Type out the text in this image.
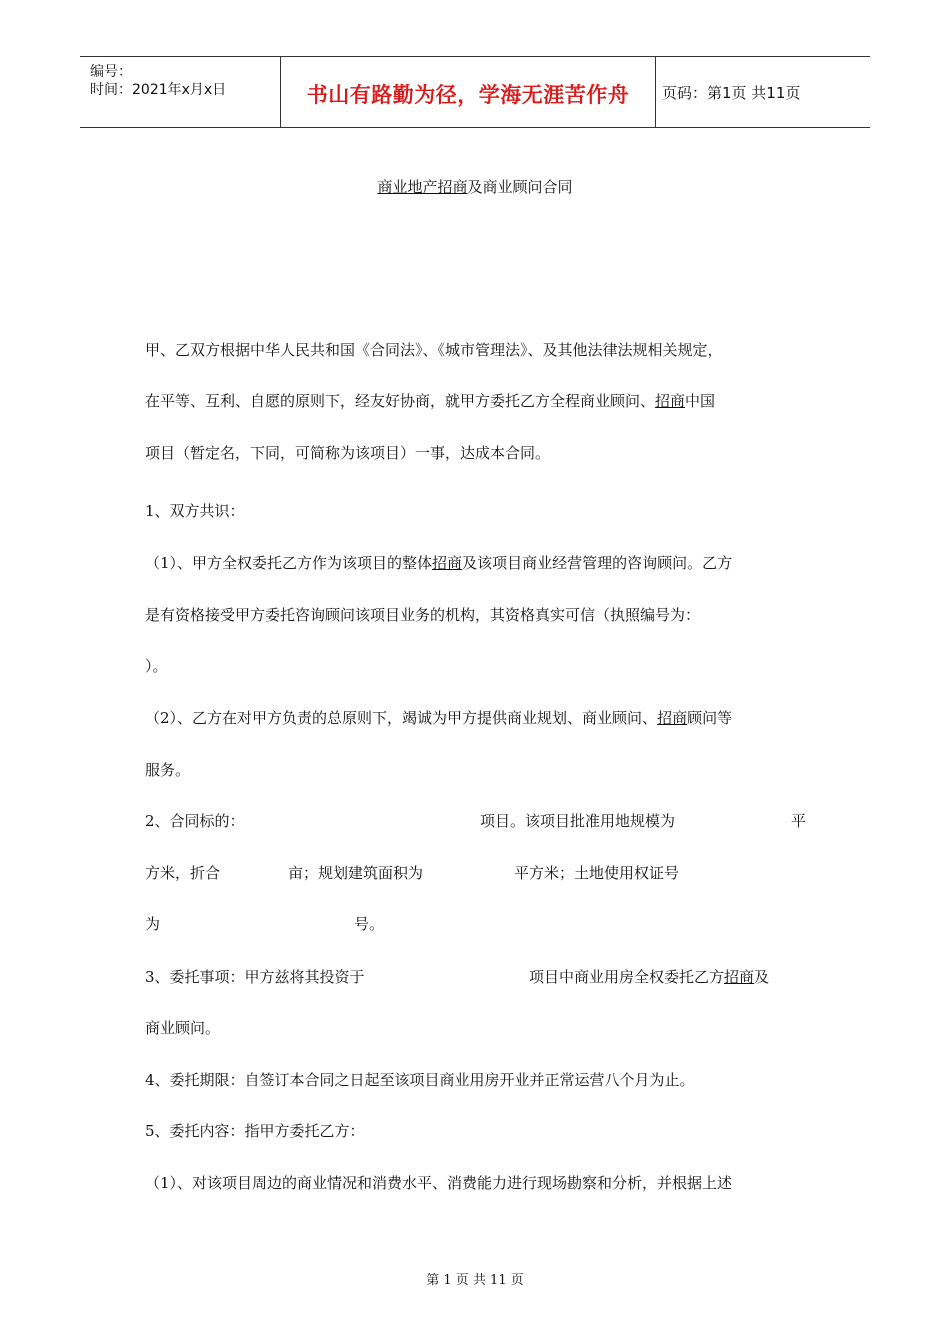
编号：
时间：2021年x月x日	书山有路勤为径，学海无涯苦作舟	页码：第1页 共11页
商业地产招商及商业顾问合同
甲、乙双方根据中华人民共和国《合同法》、《城市管理法》、及其他法律法规相关规定，
在平等、互利、自愿的原则下，经友好协商，就甲方委托乙方全程商业顾问、招商中国
项目（暂定名，下同，可简称为该项目）一事，达成本合同。
1、双方共识：
（1）、甲方全权委托乙方作为该项目的整体招商及该项目商业经营管理的咨询顾问。乙方
是有资格接受甲方委托咨询顾问该项目业务的机构，其资格真实可信（执照编号为：
）。
（2）、乙方在对甲方负责的总原则下，竭诚为甲方提供商业规划、商业顾问、招商顾问等
服务。
2、合同标的：	项目。该项目批准用地规模为	平
方米，折合	亩；规划建筑面积为	平方米；土地使用权证号
为	号。
3、委托事项：甲方兹将其投资于	项目中商业用房全权委托乙方招商及
商业顾问。
4、委托期限：自签订本合同之日起至该项目商业用房开业并正常运营八个月为止。
5、委托内容：指甲方委托乙方：
（1）、对该项目周边的商业情况和消费水平、消费能力进行现场勘察和分析，并根据上述
第 1 页 共 11 页
